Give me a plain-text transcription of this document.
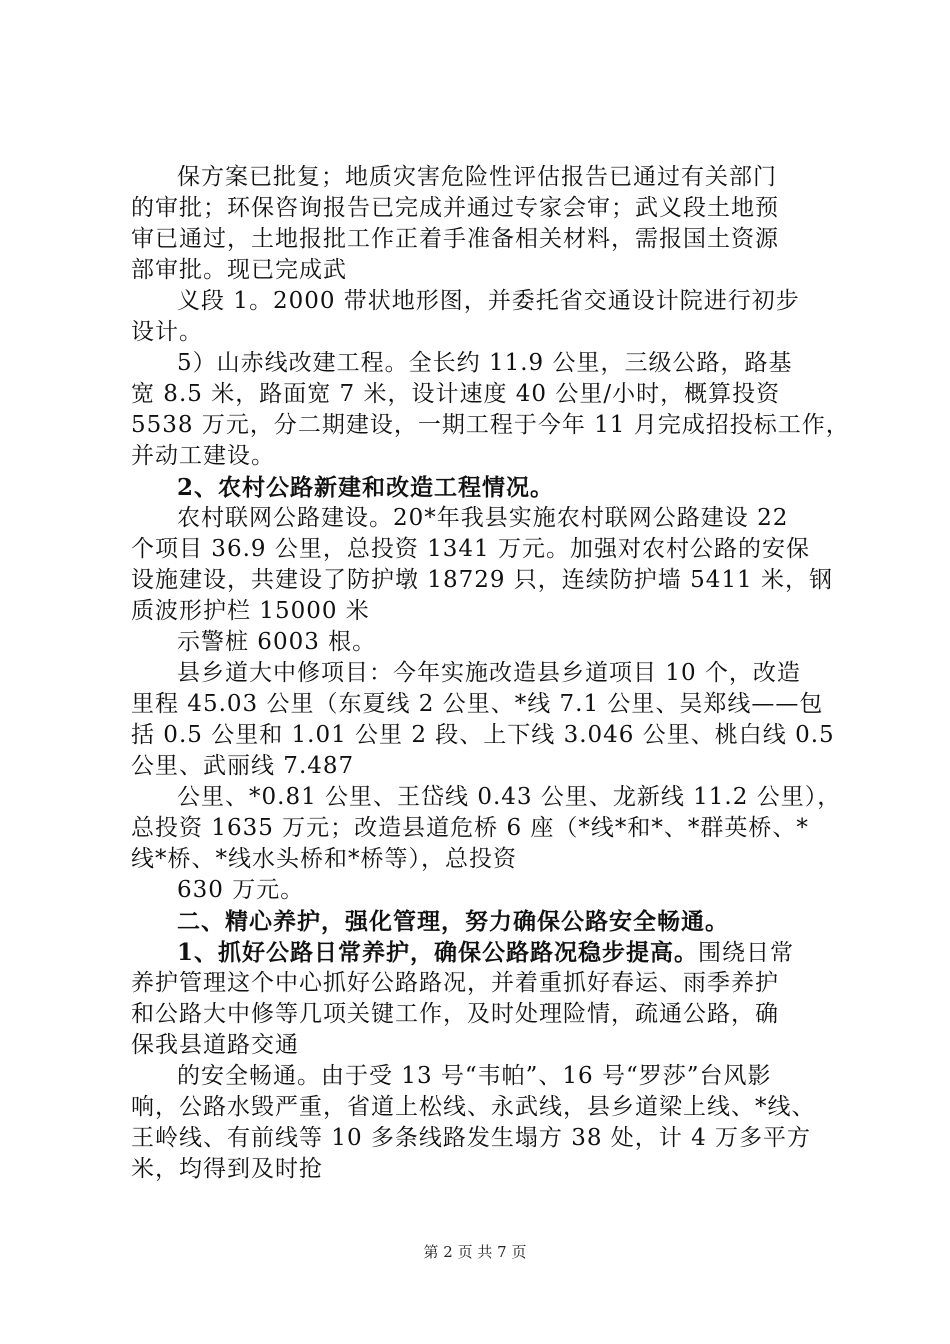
保方案已批复；地质灾害危险性评估报告已通过有关部门
的审批；环保咨询报告已完成并通过专家会审；武义段土地预
审已通过，土地报批工作正着手准备相关材料，需报国土资源
部审批。现已完成武
义段 1。2000 带状地形图，并委托省交通设计院进行初步
设计。
5）山赤线改建工程。全长约 11.9 公里，三级公路，路基
宽 8.5 米，路面宽 7 米，设计速度 40 公里/小时，概算投资
5538 万元，分二期建设，一期工程于今年 11 月完成招投标工作，
并动工建设。
2、农村公路新建和改造工程情况。
农村联网公路建设。20*年我县实施农村联网公路建设 22
个项目 36.9 公里，总投资 1341 万元。加强对农村公路的安保
设施建设，共建设了防护墩 18729 只，连续防护墙 5411 米，钢
质波形护栏 15000 米
示警桩 6003 根。
县乡道大中修项目：今年实施改造县乡道项目 10 个，改造
里程 45.03 公里（东夏线 2 公里、*线 7.1 公里、吴郑线——包
括 0.5 公里和 1.01 公里 2 段、上下线 3.046 公里、桃白线 0.5
公里、武丽线 7.487
公里、*0.81 公里、王岱线 0.43 公里、龙新线 11.2 公里），
总投资 1635 万元；改造县道危桥 6 座（*线*和*、*群英桥、*
线*桥、*线水头桥和*桥等），总投资
630 万元。
二、精心养护，强化管理，努力确保公路安全畅通。
1、抓好公路日常养护，确保公路路况稳步提高。围绕日常
养护管理这个中心抓好公路路况，并着重抓好春运、雨季养护
和公路大中修等几项关键工作，及时处理险情，疏通公路，确
保我县道路交通
的安全畅通。由于受 13 号“韦帕”、16 号“罗莎”台风影
响，公路水毁严重，省道上松线、永武线，县乡道梁上线、*线、
王岭线、有前线等 10 多条线路发生塌方 38 处，计 4 万多平方
米，均得到及时抢
第 2 页 共 7 页
